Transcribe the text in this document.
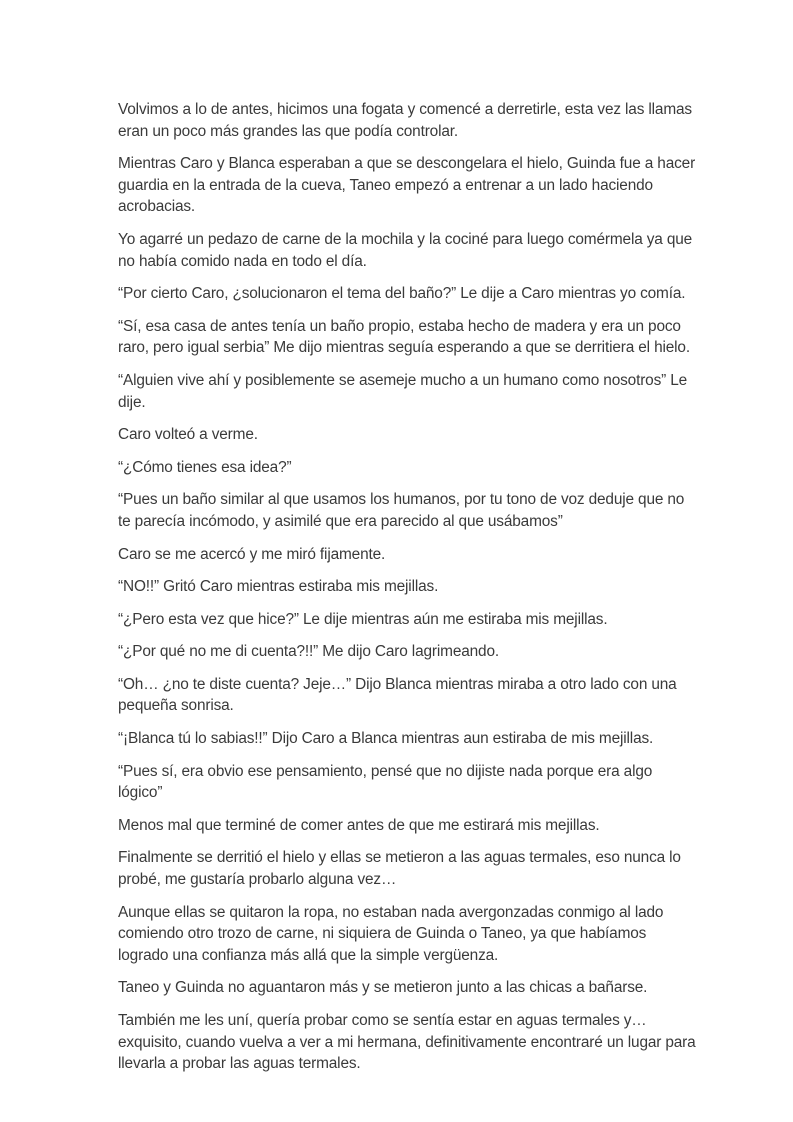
Volvimos a lo de antes, hicimos una fogata y comencé a derretirle, esta vez las llamas eran un poco más grandes las que podía controlar.

Mientras Caro y Blanca esperaban a que se descongelara el hielo, Guinda fue a hacer guardia en la entrada de la cueva, Taneo empezó a entrenar a un lado haciendo acrobacias.

Yo agarré un pedazo de carne de la mochila y la cociné para luego comérmela ya que no había comido nada en todo el día.

“Por cierto Caro, ¿solucionaron el tema del baño?” Le dije a Caro mientras yo comía.

“Sí, esa casa de antes tenía un baño propio, estaba hecho de madera y era un poco raro, pero igual serbia” Me dijo mientras seguía esperando a que se derritiera el hielo.

“Alguien vive ahí y posiblemente se asemeje mucho a un humano como nosotros” Le dije.

Caro volteó a verme.

“¿Cómo tienes esa idea?”

“Pues un baño similar al que usamos los humanos, por tu tono de voz deduje que no te parecía incómodo, y asimilé que era parecido al que usábamos”

Caro se me acercó y me miró fijamente.

“NO!!” Gritó Caro mientras estiraba mis mejillas.

“¿Pero esta vez que hice?” Le dije mientras aún me estiraba mis mejillas.

“¿Por qué no me di cuenta?!!” Me dijo Caro lagrimeando.

“Oh… ¿no te diste cuenta? Jeje…” Dijo Blanca mientras miraba a otro lado con una pequeña sonrisa.

“¡Blanca tú lo sabias!!” Dijo Caro a Blanca mientras aun estiraba de mis mejillas.

“Pues sí, era obvio ese pensamiento, pensé que no dijiste nada porque era algo lógico”

Menos mal que terminé de comer antes de que me estirará mis mejillas.

Finalmente se derritió el hielo y ellas se metieron a las aguas termales, eso nunca lo probé, me gustaría probarlo alguna vez…

Aunque ellas se quitaron la ropa, no estaban nada avergonzadas conmigo al lado comiendo otro trozo de carne, ni siquiera de Guinda o Taneo, ya que habíamos logrado una confianza más allá que la simple vergüenza.

Taneo y Guinda no aguantaron más y se metieron junto a las chicas a bañarse.

También me les uní, quería probar como se sentía estar en aguas termales y… exquisito, cuando vuelva a ver a mi hermana, definitivamente encontraré un lugar para llevarla a probar las aguas termales.
